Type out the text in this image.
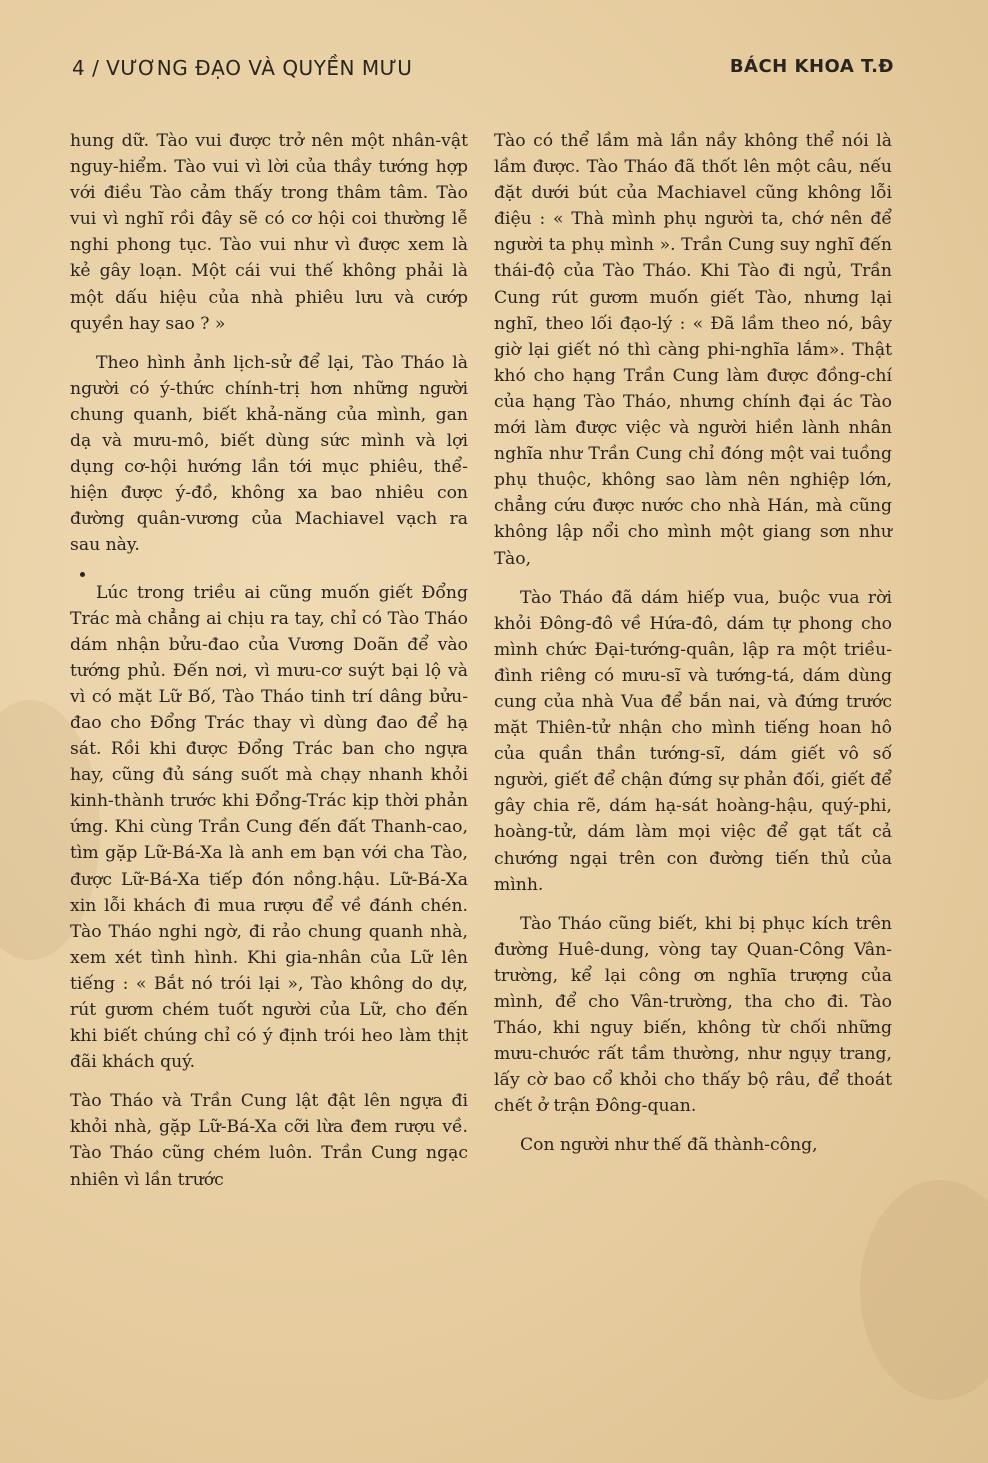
4 / VƯƠNG ĐẠO VÀ QUYỀN MƯU	BÁCH KHOA T.Đ

hung dữ. Tào vui được trở nên một nhân-vật nguy-hiểm. Tào vui vì lời của thầy tướng hợp với điều Tào cảm thấy trong thâm tâm. Tào vui vì nghĩ rồi đây sẽ có cơ hội coi thường lễ nghi phong tục. Tào vui như vì được xem là kẻ gây loạn. Một cái vui thế không phải là một dấu hiệu của nhà phiêu lưu và cướp quyền hay sao ? »

Theo hình ảnh lịch-sử để lại, Tào Tháo là người có ý-thức chính-trị hơn những người chung quanh, biết khả-năng của mình, gan dạ và mưu-mô, biết dùng sức mình và lợi dụng cơ-hội hướng lần tới mục phiêu, thể-hiện được ý-đồ, không xa bao nhiêu con đường quân-vương của Machiavel vạch ra sau này.

Lúc trong triều ai cũng muốn giết Đổng Trác mà chẳng ai chịu ra tay, chỉ có Tào Tháo dám nhận bửu-đao của Vương Doãn để vào tướng phủ. Đến nơi, vì mưu-cơ suýt bại lộ và vì có mặt Lữ Bố, Tào Tháo tinh trí dâng bửu-đao cho Đổng Trác thay vì dùng đao để hạ sát. Rồi khi được Đổng Trác ban cho ngựa hay, cũng đủ sáng suốt mà chạy nhanh khỏi kinh-thành trước khi Đổng-Trác kịp thời phản ứng. Khi cùng Trần Cung đến đất Thanh-cao, tìm gặp Lữ-Bá-Xa là anh em bạn với cha Tào, được Lữ-Bá-Xa tiếp đón nồng.hậu. Lữ-Bá-Xa xin lỗi khách đi mua rượu để về đánh chén. Tào Tháo nghi ngờ, đi rảo chung quanh nhà, xem xét tình hình. Khi gia-nhân của Lữ lên tiếng : « Bắt nó trói lại », Tào không do dự, rút gươm chém tuốt người của Lữ, cho đến khi biết chúng chỉ có ý định trói heo làm thịt đãi khách quý.

Tào Tháo và Trần Cung lật đật lên ngựa đi khỏi nhà, gặp Lữ-Bá-Xa cỡi lừa đem rượu về. Tào Tháo cũng chém luôn. Trần Cung ngạc nhiên vì lần trước

Tào có thể lầm mà lần nầy không thể nói là lầm được. Tào Tháo đã thốt lên một câu, nếu đặt dưới bút của Machiavel cũng không lỗi điệu : « Thà mình phụ người ta, chớ nên để người ta phụ mình ». Trần Cung suy nghĩ đến thái-độ của Tào Tháo. Khi Tào đi ngủ, Trần Cung rút gươm muốn giết Tào, nhưng lại nghĩ, theo lối đạo-lý : « Đã lầm theo nó, bây giờ lại giết nó thì càng phi-nghĩa lắm». Thật khó cho hạng Trần Cung làm được đồng-chí của hạng Tào Tháo, nhưng chính đại ác Tào mới làm được việc và người hiền lành nhân nghĩa như Trần Cung chỉ đóng một vai tuồng phụ thuộc, không sao làm nên nghiệp lớn, chẳng cứu được nước cho nhà Hán, mà cũng không lập nổi cho mình một giang sơn như Tào,

Tào Tháo đã dám hiếp vua, buộc vua rời khỏi Đông-đô về Hứa-đô, dám tự phong cho mình chức Đại-tướng-quân, lập ra một triều-đình riêng có mưu-sĩ và tướng-tá, dám dùng cung của nhà Vua để bắn nai, và đứng trước mặt Thiên-tử nhận cho mình tiếng hoan hô của quần thần tướng-sĩ, dám giết vô số người, giết để chận đứng sự phản đối, giết để gây chia rẽ, dám hạ-sát hoàng-hậu, quý-phi, hoàng-tử, dám làm mọi việc để gạt tất cả chướng ngại trên con đường tiến thủ của mình.

Tào Tháo cũng biết, khi bị phục kích trên đường Huê-dung, vòng tay Quan-Công Vân-trường, kể lại công ơn nghĩa trượng của mình, để cho Vân-trường, tha cho đi. Tào Tháo, khi nguy biến, không từ chối những mưu-chước rất tầm thường, như ngụy trang, lấy cờ bao cổ khỏi cho thấy bộ râu, để thoát chết ở trận Đông-quan.

Con người như thế đã thành-công,
